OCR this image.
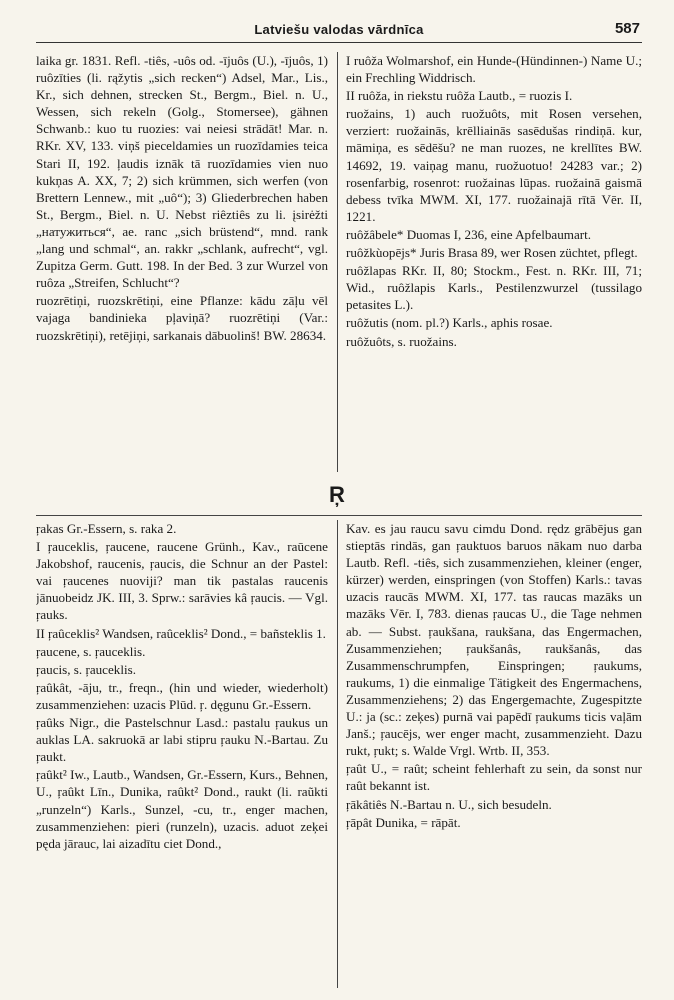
Latviešu valodas vārdnīca	587

laika gr. 1831. Refl. -tiês, -uôs od. -ījuôs (U.), -ījuôs, 1) ruôzīties (li. rąžytis „sich recken“) Adsel, Mar., Lis., Kr., sich dehnen, strecken St., Bergm., Biel. n. U., Wessen, sich rekeln (Golg., Stomersee), gähnen Schwanb.: kuo tu ruozies: vai neiesi strādāt! Mar. n. RKr. XV, 133. viņš pieceldamies un ruozīdamies teica Stari II, 192. ļaudis iznāk tā ruozīdamies vien nuo kukņas A. XX, 7; 2) sich krümmen, sich werfen (von Brettern Lennew., mit „uô“); 3) Gliederbrechen haben St., Bergm., Biel. n. U. Nebst riêztiês zu li. įsirėžti „натужиться“, ae. ranc „sich brüstend“, mnd. rank „lang und schmal“, an. rakkr „schlank, aufrecht“, vgl. Zupitza Germ. Gutt. 198. In der Bed. 3 zur Wurzel von ruôza „Streifen, Schlucht“?

ruozrētiņi, ruozskrētiņi, eine Pflanze: kādu zāļu vēl vajaga bandinieka pļaviņā? ruozrētiņi (Var.: ruozskrētiņi), retējiņi, sarkanais dābuolinš! BW. 28634.

I ruôža Wolmarshof, ein Hunde-(Hündinnen-) Name U.; ein Frechling Widdrisch.

II ruôža, in riekstu ruôža Lautb., = ruozis I.

ruožains, 1) auch ruožuôts, mit Rosen versehen, verziert: ruožainās, krēlliainās sasēdušas rindiņā. kur, māmiņa, es sēdēšu? ne man ruozes, ne krellītes BW. 14692, 19. vaiņag manu, ruožuotuo! 24283 var.; 2) rosenfarbig, rosenrot: ruožainas lūpas. ruožainā gaismā debess tvīka MWM. XI, 177. ruožainajā rītā Vēr. II, 1221.

ruôžâbele* Duomas I, 236, eine Apfelbaumart.

ruôžkùopējs* Juris Brasa 89, wer Rosen züchtet, pflegt.

ruôžlapas RKr. II, 80; Stockm., Fest. n. RKr. III, 71; Wid., ruôžlapis Karls., Pestilenzwurzel (tussilago petasites L.).

ruôžutis (nom. pl.?) Karls., aphis rosae.

ruôžuôts, s. ruožains.

Ŗ

ŗakas Gr.-Essern, s. raka 2.

I ŗauceklis, ŗaucene, raucene Grünh., Kav., raūcene Jakobshof, raucenis, ŗaucis, die Schnur an der Pastel: vai ŗaucenes nuoviji? man tik pastalas raucenis jānuobeidz JK. III, 3. Sprw.: sarāvies kâ ŗaucis. — Vgl. ŗauks.

II ŗaûceklis² Wandsen, raûceklis² Dond., = bañsteklis 1.

ŗaucene, s. ŗauceklis.

ŗaucis, s. ŗauceklis.

ŗaûkât, -āju, tr., freqn., (hin und wieder, wiederholt) zusammenziehen: uzacis Plūd. ŗ. dęgunu Gr.-Essern.

ŗaûks Nigr., die Pastelschnur Lasd.: pastalu ŗaukus un auklas LA. sakruokā ar labi stipru ŗauku N.-Bartau. Zu ŗaukt.

ŗaûkt² Iw., Lautb., Wandsen, Gr.-Essern, Kurs., Behnen, U., ŗaûkt Līn., Dunika, raûkt² Dond., raukt (li. raũkti „runzeln“) Karls., Sunzel, -cu, tr., enger machen, zusammenziehen: pieri (runzeln), uzacis. aduot zeķei pęda jārauc, lai aizadītu ciet Dond.,

Kav. es jau raucu savu cimdu Dond. rędz grābējus gan stieptās rindās, gan ŗauktuos baruos nākam nuo darba Lautb. Refl. -tiês, sich zusammenziehen, kleiner (enger, kürzer) werden, einspringen (von Stoffen) Karls.: tavas uzacis raucās MWM. XI, 177. tas raucas mazāks un mazāks Vēr. I, 783. dienas ŗaucas U., die Tage nehmen ab. — Subst. ŗaukšana, raukšana, das Engermachen, Zusammenziehen; ŗaukšanâs, raukšanâs, das Zusammenschrumpfen, Einspringen; ŗaukums, raukums, 1) die einmalige Tätigkeit des Engermachens, Zusammenziehens; 2) das Engergemachte, Zugespitzte U.: ja (sc.: zeķes) purnā vai papēdī ŗaukums ticis vaļām Janš.; ŗaucējs, wer enger macht, zusammenzieht. Dazu rukt, ŗukt; s. Walde Vrgl. Wrtb. II, 353.

ŗaût U., = raût; scheint fehlerhaft zu sein, da sonst nur raût bekannt ist.

ŗākâtiês N.-Bartau n. U., sich besudeln.

ŗāpât Dunika, = rāpāt.
